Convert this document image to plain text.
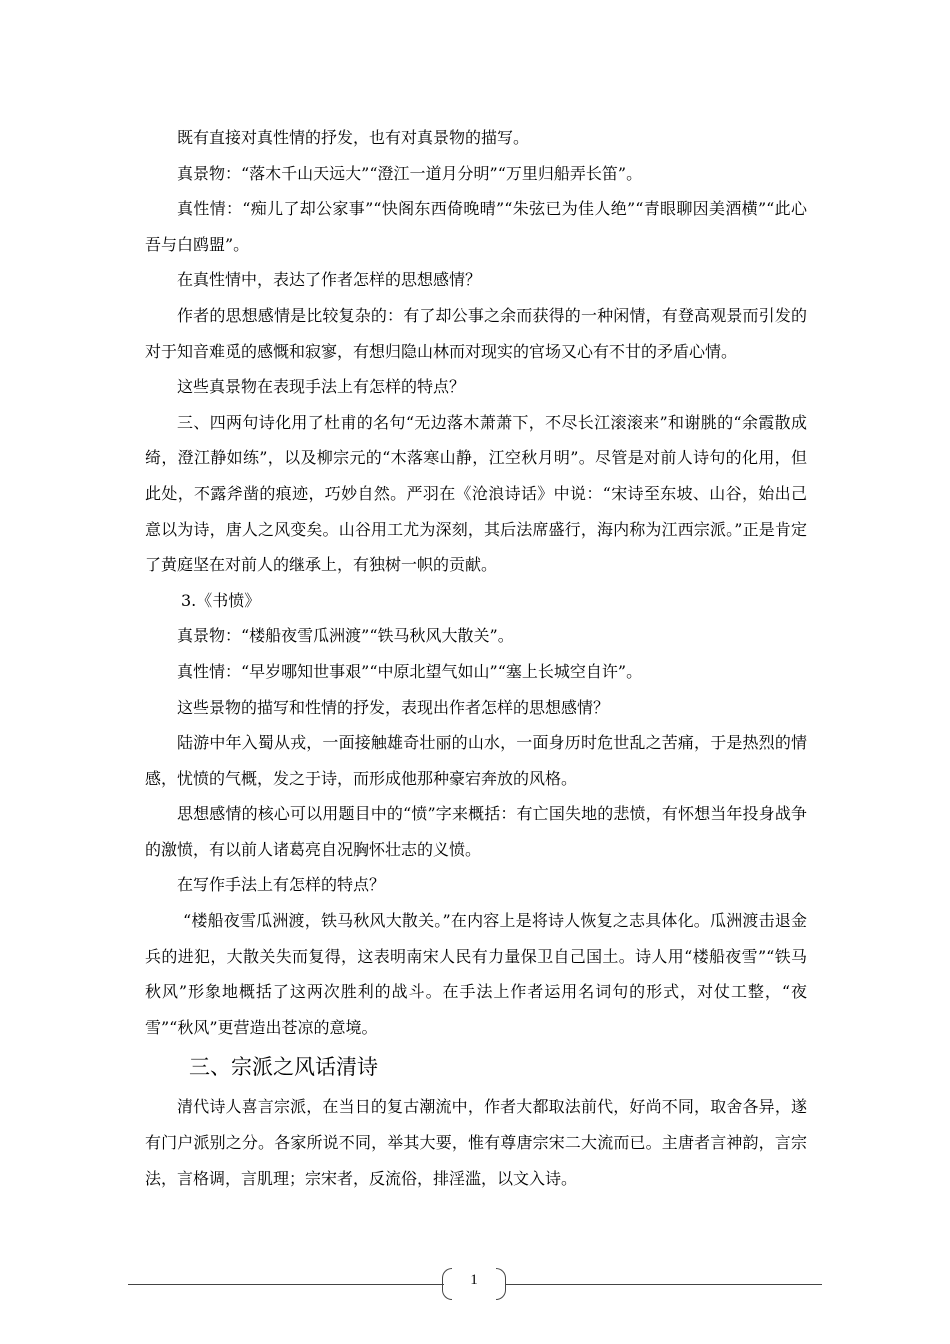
既有直接对真性情的抒发，也有对真景物的描写。

真景物：“落木千山天远大”“澄江一道月分明”“万里归船弄长笛”。

真性情：“痴儿了却公家事”“快阁东西倚晚晴”“朱弦已为佳人绝”“青眼聊因美酒横”“此心吾与白鸥盟”。

在真性情中，表达了作者怎样的思想感情？

作者的思想感情是比较复杂的：有了却公事之余而获得的一种闲情，有登高观景而引发的对于知音难觅的感慨和寂寥，有想归隐山林而对现实的官场又心有不甘的矛盾心情。

这些真景物在表现手法上有怎样的特点？

三、四两句诗化用了杜甫的名句“无边落木萧萧下，不尽长江滚滚来”和谢朓的“余霞散成绮，澄江静如练”，以及柳宗元的“木落寒山静，江空秋月明”。尽管是对前人诗句的化用，但此处，不露斧凿的痕迹，巧妙自然。严羽在《沧浪诗话》中说：“宋诗至东坡、山谷，始出己意以为诗，唐人之风变矣。山谷用工尤为深刻，其后法席盛行，海内称为江西宗派。”正是肯定了黄庭坚在对前人的继承上，有独树一帜的贡献。

3.《书愤》

真景物：“楼船夜雪瓜洲渡”“铁马秋风大散关”。

真性情：“早岁哪知世事艰”“中原北望气如山”“塞上长城空自许”。

这些景物的描写和性情的抒发，表现出作者怎样的思想感情？

陆游中年入蜀从戎，一面接触雄奇壮丽的山水，一面身历时危世乱之苦痛，于是热烈的情感，忧愤的气概，发之于诗，而形成他那种豪宕奔放的风格。

思想感情的核心可以用题目中的“愤”字来概括：有亡国失地的悲愤，有怀想当年投身战争的激愤，有以前人诸葛亮自况胸怀壮志的义愤。

在写作手法上有怎样的特点？

“楼船夜雪瓜洲渡，铁马秋风大散关。”在内容上是将诗人恢复之志具体化。瓜洲渡击退金兵的进犯，大散关失而复得，这表明南宋人民有力量保卫自己国土。诗人用“楼船夜雪”“铁马秋风”形象地概括了这两次胜利的战斗。在手法上作者运用名词句的形式，对仗工整，“夜雪”“秋风”更营造出苍凉的意境。

三、宗派之风话清诗

清代诗人喜言宗派，在当日的复古潮流中，作者大都取法前代，好尚不同，取舍各异，遂有门户派别之分。各家所说不同，举其大要，惟有尊唐宗宋二大流而已。主唐者言神韵，言宗法，言格调，言肌理；宗宋者，反流俗，排淫滥，以文入诗。

1
